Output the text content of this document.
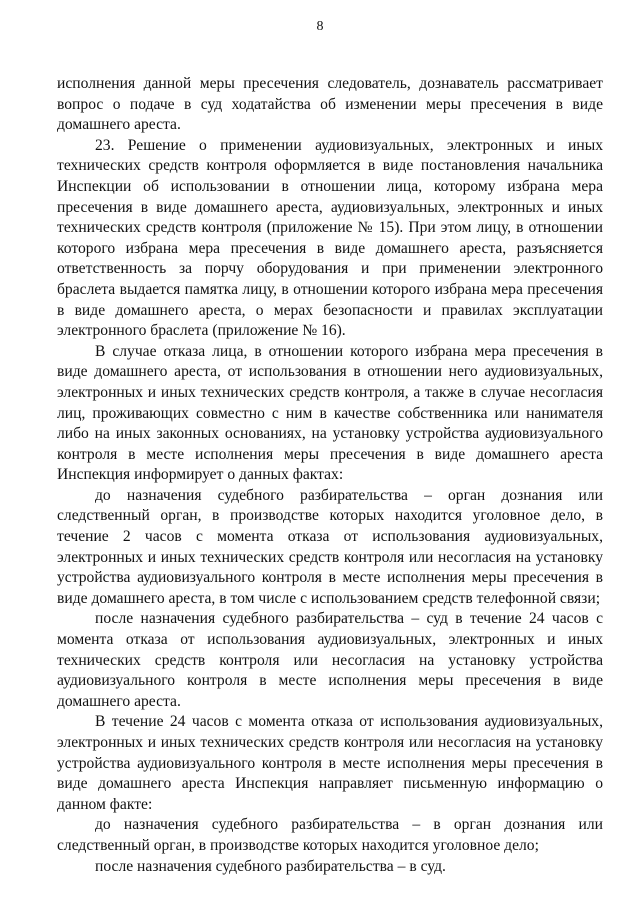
8

исполнения данной меры пресечения следователь, дознаватель рассматривает вопрос о подаче в суд ходатайства об изменении меры пресечения в виде домашнего ареста.

23. Решение о применении аудиовизуальных, электронных и иных технических средств контроля оформляется в виде постановления начальника Инспекции об использовании в отношении лица, которому избрана мера пресечения в виде домашнего ареста, аудиовизуальных, электронных и иных технических средств контроля (приложение № 15). При этом лицу, в отношении которого избрана мера пресечения в виде домашнего ареста, разъясняется ответственность за порчу оборудования и при применении электронного браслета выдается памятка лицу, в отношении которого избрана мера пресечения в виде домашнего ареста, о мерах безопасности и правилах эксплуатации электронного браслета (приложение № 16).

В случае отказа лица, в отношении которого избрана мера пресечения в виде домашнего ареста, от использования в отношении него аудиовизуальных, электронных и иных технических средств контроля, а также в случае несогласия лиц, проживающих совместно с ним в качестве собственника или нанимателя либо на иных законных основаниях, на установку устройства аудиовизуального контроля в месте исполнения меры пресечения в виде домашнего ареста Инспекция информирует о данных фактах:

до назначения судебного разбирательства – орган дознания или следственный орган, в производстве которых находится уголовное дело, в течение 2 часов с момента отказа от использования аудиовизуальных, электронных и иных технических средств контроля или несогласия на установку устройства аудиовизуального контроля в месте исполнения меры пресечения в виде домашнего ареста, в том числе с использованием средств телефонной связи;

после назначения судебного разбирательства – суд в течение 24 часов с момента отказа от использования аудиовизуальных, электронных и иных технических средств контроля или несогласия на установку устройства аудиовизуального контроля в месте исполнения меры пресечения в виде домашнего ареста.

В течение 24 часов с момента отказа от использования аудиовизуальных, электронных и иных технических средств контроля или несогласия на установку устройства аудиовизуального контроля в месте исполнения меры пресечения в виде домашнего ареста Инспекция направляет письменную информацию о данном факте:

до назначения судебного разбирательства – в орган дознания или следственный орган, в производстве которых находится уголовное дело;

после назначения судебного разбирательства – в суд.
